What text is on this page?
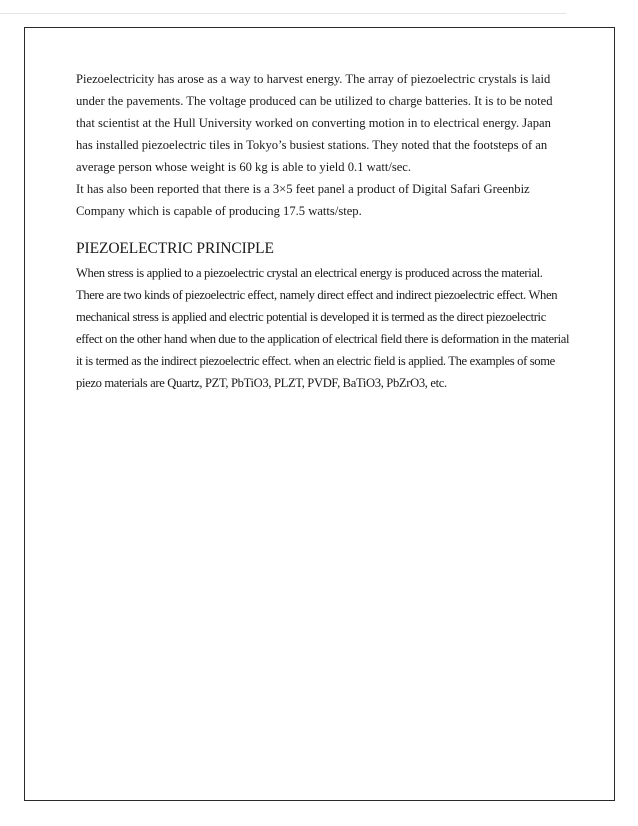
Piezoelectricity has arose as a way to harvest energy. The array of piezoelectric crystals is laid
under the pavements. The voltage produced can be utilized to charge batteries. It is to be noted
that scientist at the Hull University worked on converting motion in to electrical energy. Japan
has installed piezoelectric tiles in Tokyo’s busiest stations. They noted that the footsteps of an
average person whose weight is 60 kg is able to yield 0.1 watt/sec.
It has also been reported that there is a 3×5 feet panel a product of Digital Safari Greenbiz
Company which is capable of producing 17.5 watts/step.

PIEZOELECTRIC PRINCIPLE

When stress is applied to a piezoelectric crystal an electrical energy is produced across the material.
There are two kinds of piezoelectric effect, namely direct effect and indirect piezoelectric effect. When
mechanical stress is applied and electric potential is developed it is termed as the direct piezoelectric
effect on the other hand when due to the application of electrical field there is deformation in the material
it is termed as the indirect piezoelectric effect. when an electric field is applied. The examples of some
piezo materials are Quartz, PZT, PbTiO3, PLZT, PVDF, BaTiO3, PbZrO3, etc.
